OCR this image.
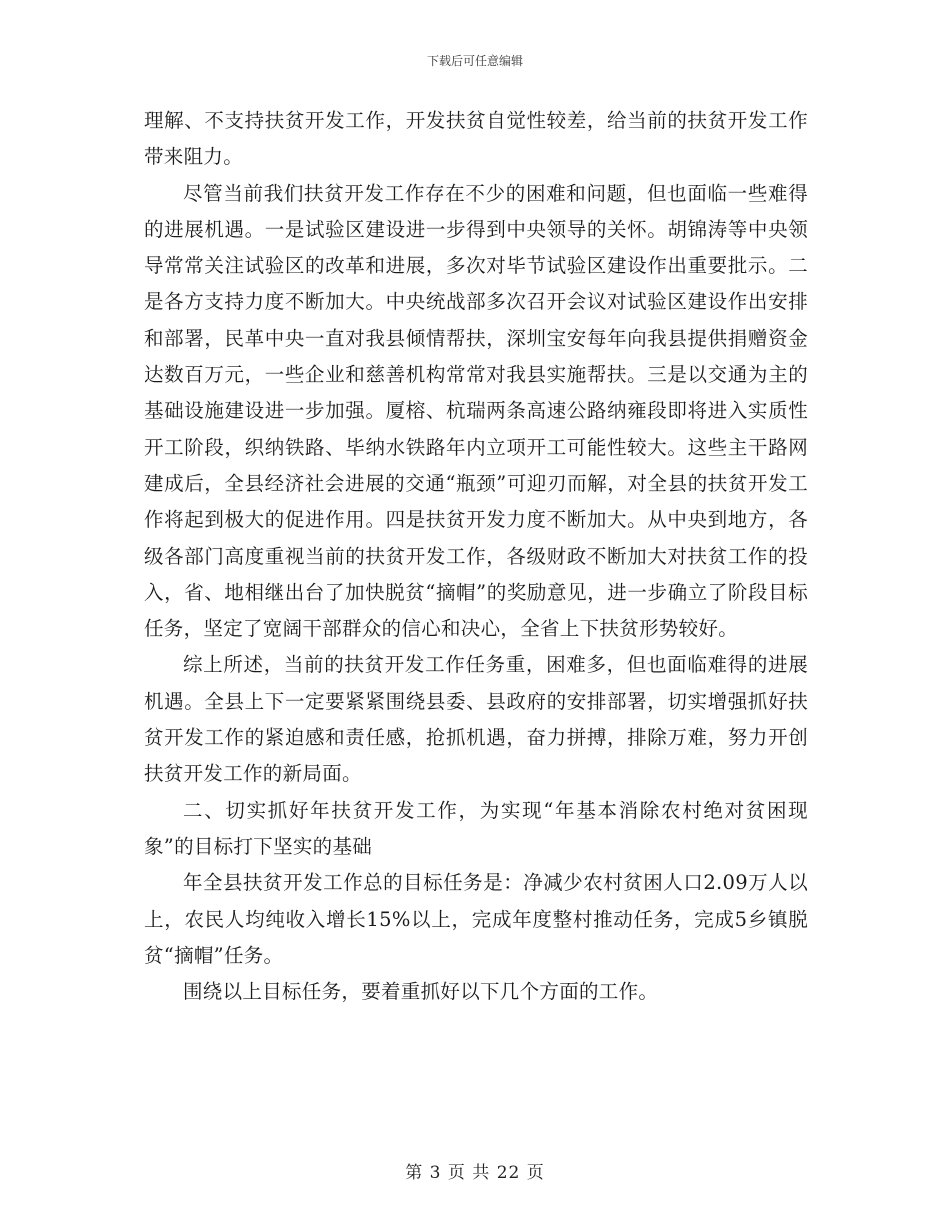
下载后可任意编辑

理解、不支持扶贫开发工作，开发扶贫自觉性较差，给当前的扶贫开发工作带来阻力。

尽管当前我们扶贫开发工作存在不少的困难和问题，但也面临一些难得的进展机遇。一是试验区建设进一步得到中央领导的关怀。胡锦涛等中央领导常常关注试验区的改革和进展，多次对毕节试验区建设作出重要批示。二是各方支持力度不断加大。中央统战部多次召开会议对试验区建设作出安排和部署，民革中央一直对我县倾情帮扶，深圳宝安每年向我县提供捐赠资金达数百万元，一些企业和慈善机构常常对我县实施帮扶。三是以交通为主的基础设施建设进一步加强。厦榕、杭瑞两条高速公路纳雍段即将进入实质性开工阶段，织纳铁路、毕纳水铁路年内立项开工可能性较大。这些主干路网建成后，全县经济社会进展的交通“瓶颈”可迎刃而解，对全县的扶贫开发工作将起到极大的促进作用。四是扶贫开发力度不断加大。从中央到地方，各级各部门高度重视当前的扶贫开发工作，各级财政不断加大对扶贫工作的投入，省、地相继出台了加快脱贫“摘帽”的奖励意见，进一步确立了阶段目标任务，坚定了宽阔干部群众的信心和决心，全省上下扶贫形势较好。

综上所述，当前的扶贫开发工作任务重，困难多，但也面临难得的进展机遇。全县上下一定要紧紧围绕县委、县政府的安排部署，切实增强抓好扶贫开发工作的紧迫感和责任感，抢抓机遇，奋力拼搏，排除万难，努力开创扶贫开发工作的新局面。

二、切实抓好年扶贫开发工作，为实现“年基本消除农村绝对贫困现象”的目标打下坚实的基础

年全县扶贫开发工作总的目标任务是：净减少农村贫困人口2.09万人以上，农民人均纯收入增长15%以上，完成年度整村推动任务，完成5乡镇脱贫“摘帽”任务。

围绕以上目标任务，要着重抓好以下几个方面的工作。

第 3 页 共 22 页
